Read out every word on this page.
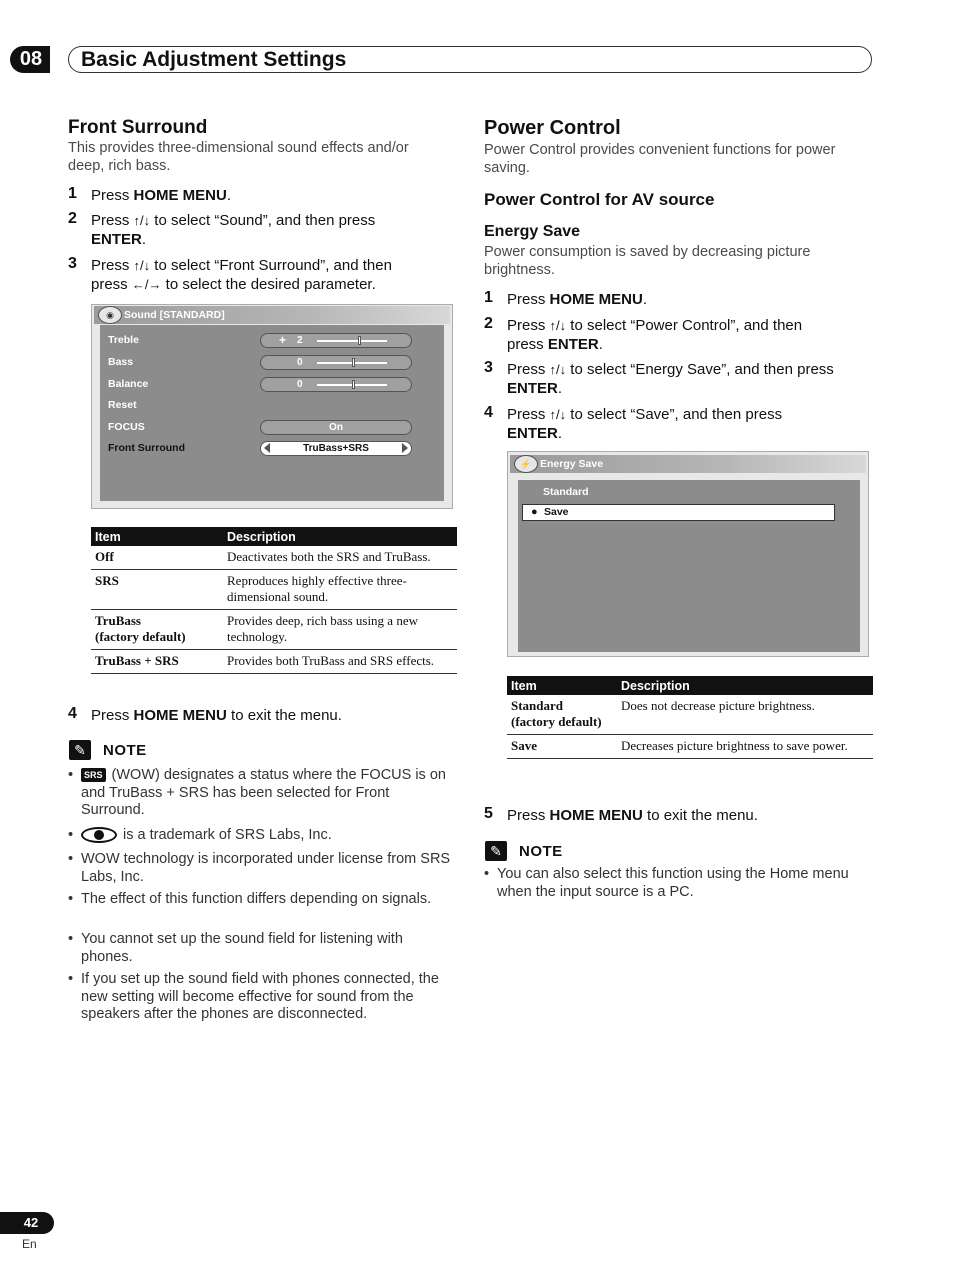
08	Basic Adjustment Settings
Front Surround
This provides three-dimensional sound effects and/or deep, rich bass.
1 Press HOME MENU.
2 Press ↑/↓ to select “Sound”, and then press
ENTER.
3 Press ↑/↓ to select “Front Surround”, and then
press ←/→ to select the desired parameter.
Sound [STANDARD]
◉
Treble	+ 2
Bass	0
Balance	0
Reset
FOCUS	On
Front Surround	TruBass+SRS
Item	Description
Off	Deactivates both the SRS and TruBass.
SRS	Reproduces highly effective three-dimensional sound.
TruBass
(factory default)	Provides deep, rich bass using a new technology.
TruBass + SRS	Provides both TruBass and SRS effects.
4 Press HOME MENU to exit the menu.
✎	NOTE
•	SRS (WOW) designates a status where the FOCUS is on and TruBass + SRS has been selected for Front Surround.
•	is a trademark of SRS Labs, Inc.
• WOW technology is incorporated under license from SRS Labs, Inc.
• The effect of this function differs depending on signals.
• You cannot set up the sound field for listening with phones.
• If you set up the sound field with phones connected, the new setting will become effective for sound from the speakers after the phones are disconnected.
Power Control
Power Control provides convenient functions for power saving.
Power Control for AV source
Energy Save
Power consumption is saved by decreasing picture brightness.
1 Press HOME MENU.
2 Press ↑/↓ to select “Power Control”, and then
press ENTER.
3 Press ↑/↓ to select “Energy Save”, and then press
ENTER.
4 Press ↑/↓ to select “Save”, and then press
ENTER.
Energy Save
⚡
Standard
● Save
Item	Description
Standard
(factory default)	Does not decrease picture brightness.
Save	Decreases picture brightness to save power.
5 Press HOME MENU to exit the menu.
✎	NOTE
• You can also select this function using the Home menu when the input source is a PC.
42
En
